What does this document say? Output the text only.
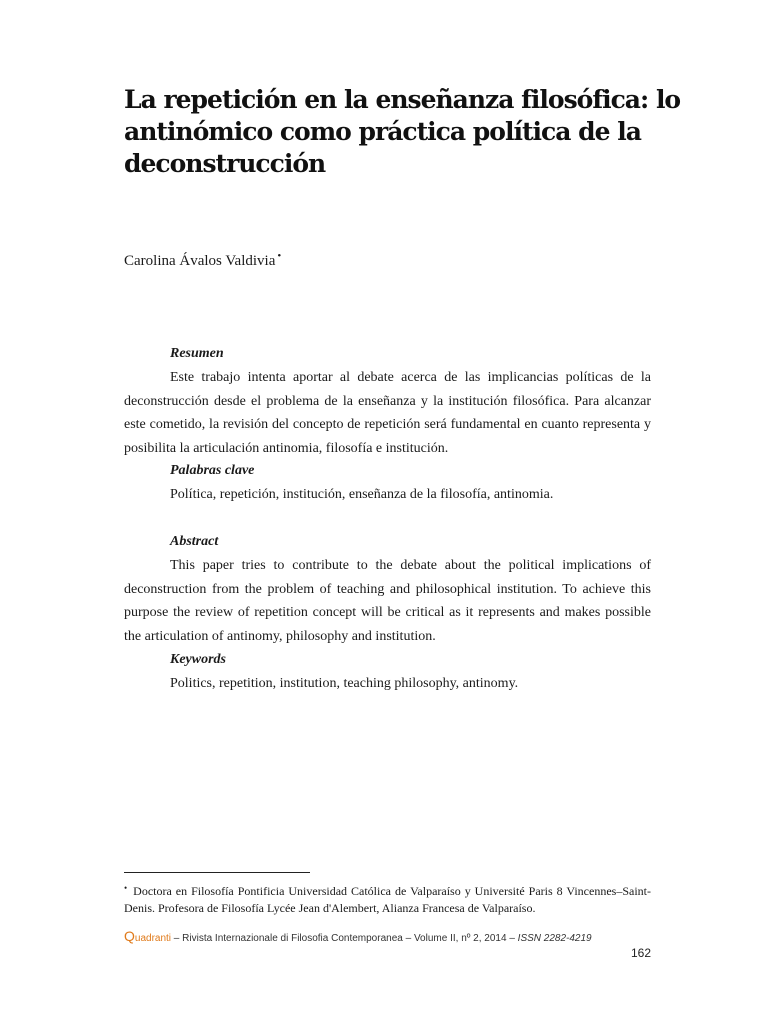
La repetición en la enseñanza filosófica: lo antinómico como práctica política de la deconstrucción
Carolina Ávalos Valdivia •
Resumen

Este trabajo intenta aportar al debate acerca de las implicancias políticas de la deconstrucción desde el problema de la enseñanza y la institución filosófica. Para alcanzar este cometido, la revisión del concepto de repetición será fundamental en cuanto representa y posibilita la articulación antinomia, filosofía e institución.

Palabras clave
Política, repetición, institución, enseñanza de la filosofía, antinomia.
Abstract

This paper tries to contribute to the debate about the political implications of deconstruction from the problem of teaching and philosophical institution. To achieve this purpose the review of repetition concept will be critical as it represents and makes possible the articulation of antinomy, philosophy and institution.

Keywords
Politics, repetition, institution, teaching philosophy, antinomy.

• Doctora en Filosofía Pontificia Universidad Católica de Valparaíso y Université Paris 8 Vincennes–Saint-Denis. Profesora de Filosofía Lycée Jean d'Alembert, Alianza Francesa de Valparaíso.

Quadranti – Rivista Internazionale di Filosofia Contemporanea – Volume II, nº 2, 2014 – ISSN 2282-4219
162
